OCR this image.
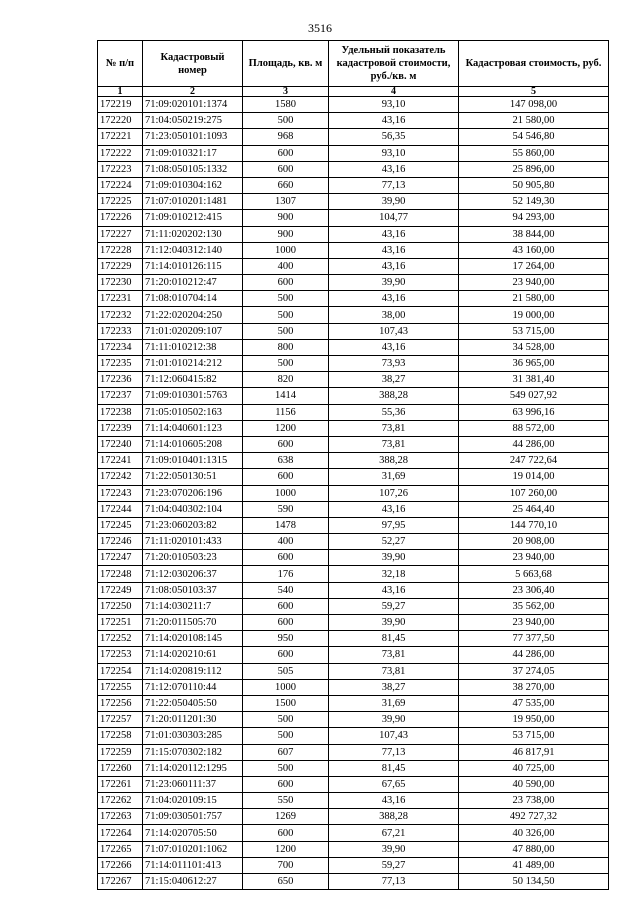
3516
№ п/п	Кадастровый номер	Площадь, кв. м	Удельный показатель кадастровой стоимости, руб./кв. м	Кадастровая стоимость, руб.
1	2	3	4	5
172219	71:09:020101:1374	1580	93,10	147 098,00
172220	71:04:050219:275	500	43,16	21 580,00
172221	71:23:050101:1093	968	56,35	54 546,80
172222	71:09:010321:17	600	93,10	55 860,00
172223	71:08:050105:1332	600	43,16	25 896,00
172224	71:09:010304:162	660	77,13	50 905,80
172225	71:07:010201:1481	1307	39,90	52 149,30
172226	71:09:010212:415	900	104,77	94 293,00
172227	71:11:020202:130	900	43,16	38 844,00
172228	71:12:040312:140	1000	43,16	43 160,00
172229	71:14:010126:115	400	43,16	17 264,00
172230	71:20:010212:47	600	39,90	23 940,00
172231	71:08:010704:14	500	43,16	21 580,00
172232	71:22:020204:250	500	38,00	19 000,00
172233	71:01:020209:107	500	107,43	53 715,00
172234	71:11:010212:38	800	43,16	34 528,00
172235	71:01:010214:212	500	73,93	36 965,00
172236	71:12:060415:82	820	38,27	31 381,40
172237	71:09:010301:5763	1414	388,28	549 027,92
172238	71:05:010502:163	1156	55,36	63 996,16
172239	71:14:040601:123	1200	73,81	88 572,00
172240	71:14:010605:208	600	73,81	44 286,00
172241	71:09:010401:1315	638	388,28	247 722,64
172242	71:22:050130:51	600	31,69	19 014,00
172243	71:23:070206:196	1000	107,26	107 260,00
172244	71:04:040302:104	590	43,16	25 464,40
172245	71:23:060203:82	1478	97,95	144 770,10
172246	71:11:020101:433	400	52,27	20 908,00
172247	71:20:010503:23	600	39,90	23 940,00
172248	71:12:030206:37	176	32,18	5 663,68
172249	71:08:050103:37	540	43,16	23 306,40
172250	71:14:030211:7	600	59,27	35 562,00
172251	71:20:011505:70	600	39,90	23 940,00
172252	71:14:020108:145	950	81,45	77 377,50
172253	71:14:020210:61	600	73,81	44 286,00
172254	71:14:020819:112	505	73,81	37 274,05
172255	71:12:070110:44	1000	38,27	38 270,00
172256	71:22:050405:50	1500	31,69	47 535,00
172257	71:20:011201:30	500	39,90	19 950,00
172258	71:01:030303:285	500	107,43	53 715,00
172259	71:15:070302:182	607	77,13	46 817,91
172260	71:14:020112:1295	500	81,45	40 725,00
172261	71:23:060111:37	600	67,65	40 590,00
172262	71:04:020109:15	550	43,16	23 738,00
172263	71:09:030501:757	1269	388,28	492 727,32
172264	71:14:020705:50	600	67,21	40 326,00
172265	71:07:010201:1062	1200	39,90	47 880,00
172266	71:14:011101:413	700	59,27	41 489,00
172267	71:15:040612:27	650	77,13	50 134,50
